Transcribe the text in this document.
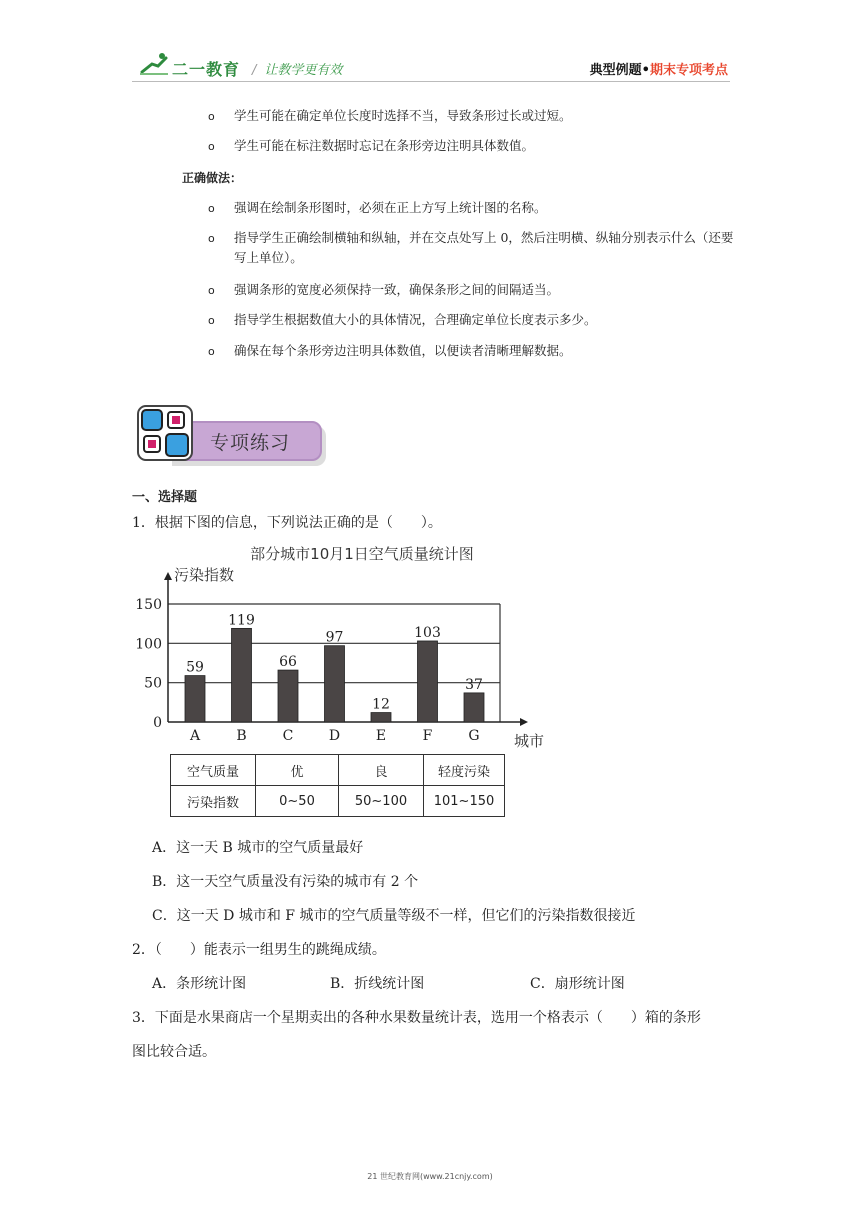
二一教育 / 让教学更有效	典型例题•期末专项考点
o 学生可能在确定单位长度时选择不当，导致条形过长或过短。
o 学生可能在标注数据时忘记在条形旁边注明具体数值。
正确做法：
o 强调在绘制条形图时，必须在正上方写上统计图的名称。
o 指导学生正确绘制横轴和纵轴，并在交点处写上 0，然后注明横、纵轴分别表示什么（还要写上单位）。
o 强调条形的宽度必须保持一致，确保条形之间的间隔适当。
o 指导学生根据数值大小的具体情况，合理确定单位长度表示多少。
o 确保在每个条形旁边注明具体数值，以便读者清晰理解数据。
专项练习
一、选择题
1．根据下图的信息，下列说法正确的是（　　）。
部分城市10月1日空气质量统计图
污染指数
城市
0
50
100
150
59
A
119
B
66
C
97
D
12
E
103
F
37
G
空气质量	优	良	轻度污染
污染指数	0~50	50~100	101~150
A．这一天 B 城市的空气质量最好
B．这一天空气质量没有污染的城市有 2 个
C．这一天 D 城市和 F 城市的空气质量等级不一样，但它们的污染指数很接近
2．（　　）能表示一组男生的跳绳成绩。
A．条形统计图	B．折线统计图	C．扇形统计图
3．下面是水果商店一个星期卖出的各种水果数量统计表，选用一个格表示（　　）箱的条形
图比较合适。
21 世纪教育网(www.21cnjy.com)
